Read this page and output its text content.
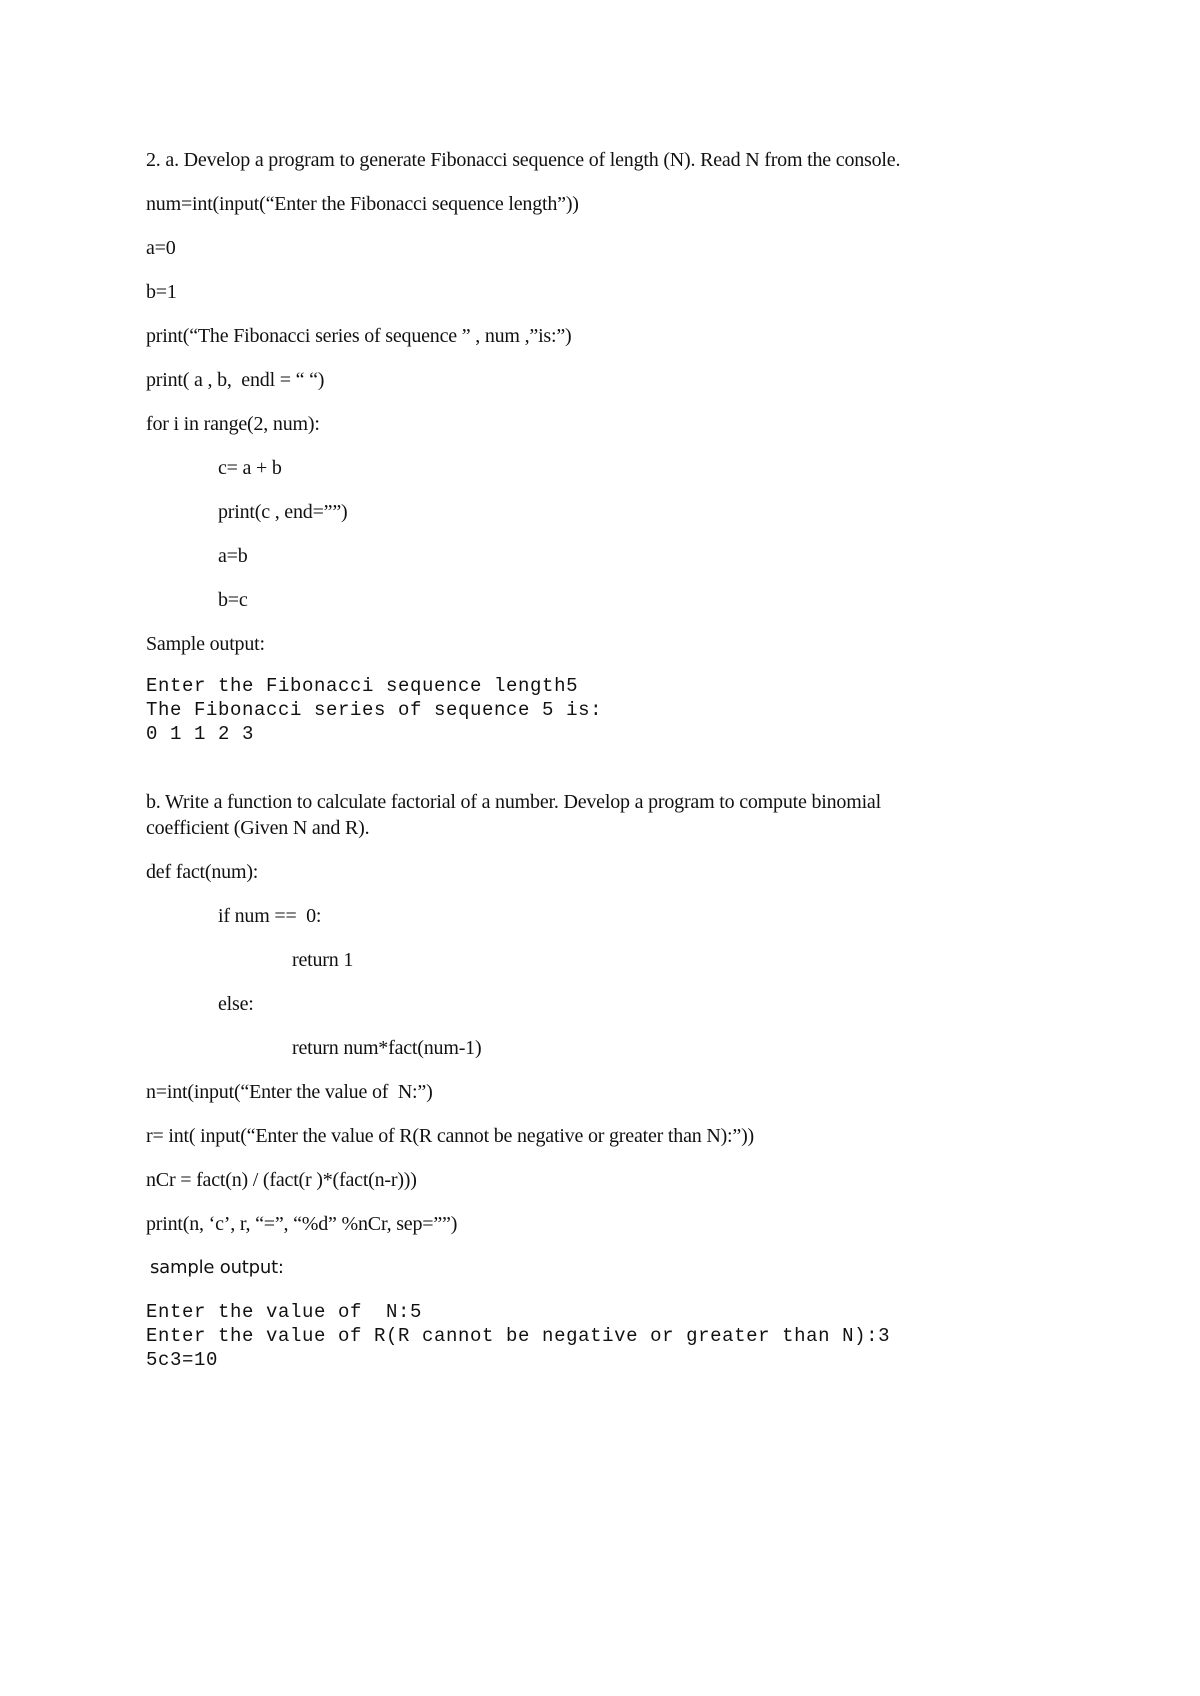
2. a. Develop a program to generate Fibonacci sequence of length (N). Read N from the console.
num=int(input(“Enter the Fibonacci sequence length”))
a=0
b=1
print(“The Fibonacci series of sequence ” , num ,”is:”)
print( a , b,  endl = “ “)
for i in range(2, num):
c= a + b
print(c , end=””)
a=b
b=c
Sample output:
Enter the Fibonacci sequence length5
The Fibonacci series of sequence 5 is:
0 1 1 2 3
b. Write a function to calculate factorial of a number. Develop a program to compute binomial
coefficient (Given N and R).
def fact(num):
if num ==  0:
return 1
else:
return num*fact(num-1)
n=int(input(“Enter the value of  N:”)
r= int( input(“Enter the value of R(R cannot be negative or greater than N):”))
nCr = fact(n) / (fact(r )*(fact(n-r)))
print(n, ‘c’, r, “=”, “%d” %nCr, sep=””)
sample output:
Enter the value of  N:5
Enter the value of R(R cannot be negative or greater than N):3
5c3=10
